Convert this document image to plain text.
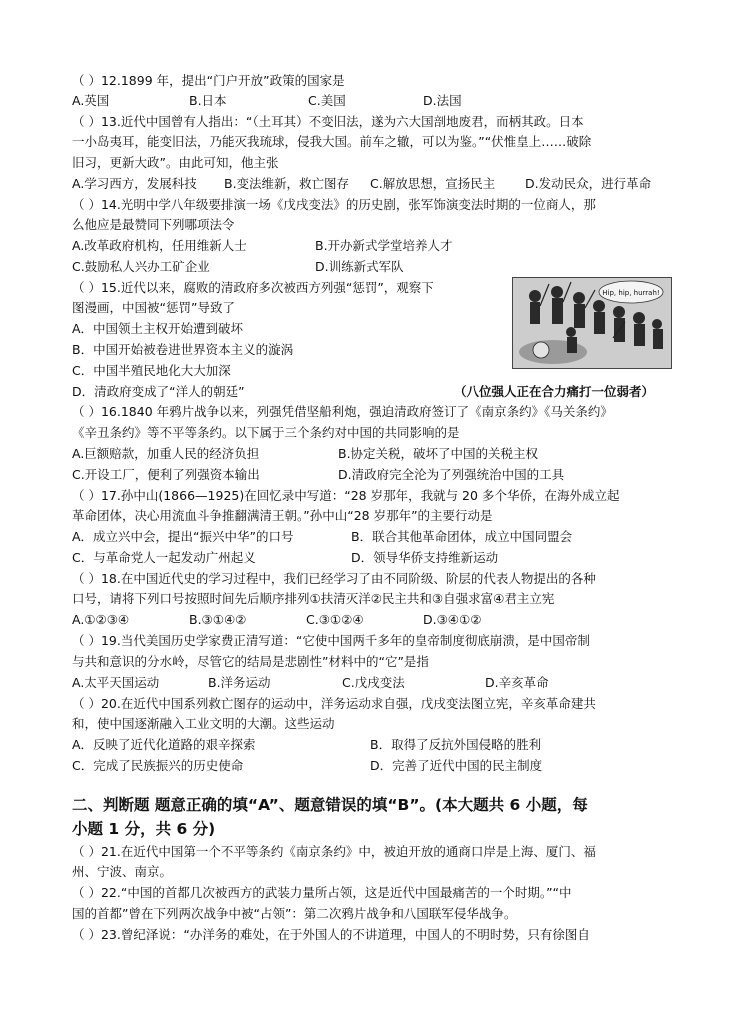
（ ）12.1899 年，提出“门户开放”政策的国家是
A.英国	B.日本	C.美国	D.法国
（ ）13.近代中国曾有人指出：“（土耳其）不变旧法，遂为六大国剖地废君，而柄其政。日本
一小岛夷耳，能变旧法，乃能灭我琉球，侵我大国。前车之辙，可以为鉴。”“伏惟皇上……破除
旧习，更新大政”。由此可知，他主张
A.学习西方，发展科技 B.变法维新，救亡图存 C.解放思想，宣扬民主 D.发动民众，进行革命
（ ）14.光明中学八年级要排演一场《戊戌变法》的历史剧，张军饰演变法时期的一位商人，那
么他应是最赞同下列哪项法令
A.改革政府机构，任用维新人士	B.开办新式学堂培养人才
C.鼓励私人兴办工矿企业	D.训练新式军队
（ ）15.近代以来，腐败的清政府多次被西方列强“惩罚”，观察下
图漫画，中国被“惩罚”导致了
A．中国领土主权开始遭到破坏
B．中国开始被卷进世界资本主义的漩涡
C．中国半殖民地化大大加深
D．清政府变成了“洋人的朝廷”	（八位强人正在合力痛打一位弱者）
Hip, hip, hurrah!
（ ）16.1840 年鸦片战争以来，列强凭借坚船利炮，强迫清政府签订了《南京条约》《马关条约》
《辛丑条约》等不平等条约。以下属于三个条约对中国的共同影响的是
A.巨额赔款，加重人民的经济负担	B.协定关税，破坏了中国的关税主权
C.开设工厂，便利了列强资本输出	D.清政府完全沦为了列强统治中国的工具
（ ）17.孙中山(1866—1925)在回忆录中写道：“28 岁那年，我就与 20 多个华侨，在海外成立起
革命团体，决心用流血斗争推翻满清王朝。”孙中山“28 岁那年”的主要行动是
A．成立兴中会，提出“振兴中华”的口号	B．联合其他革命团体，成立中国同盟会
C．与革命党人一起发动广州起义	D．领导华侨支持维新运动
（ ）18.在中国近代史的学习过程中，我们已经学习了由不同阶级、阶层的代表人物提出的各种
口号，请将下列口号按照时间先后顺序排列①扶清灭洋②民主共和③自强求富④君主立宪
A.①②③④	B.③①④②	C.③①②④	D.③④①②
（ ）19.当代美国历史学家费正清写道：“它使中国两千多年的皇帝制度彻底崩溃，是中国帝制
与共和意识的分水岭，尽管它的结局是悲剧性”材料中的“它”是指
A.太平天国运动	B.洋务运动	C.戊戌变法	D.辛亥革命
（ ）20.在近代中国系列救亡图存的运动中，洋务运动求自强，戊戌变法图立宪，辛亥革命建共
和，使中国逐渐融入工业文明的大潮。这些运动
A．反映了近代化道路的艰辛探索	B．取得了反抗外国侵略的胜利
C．完成了民族振兴的历史使命	D．完善了近代中国的民主制度
二、判断题 题意正确的填“A”、题意错误的填“B”。(本大题共 6 小题，每
小题 1 分，共 6 分)
（ ）21.在近代中国第一个不平等条约《南京条约》中，被迫开放的通商口岸是上海、厦门、福
州、宁波、南京。
（ ）22.“中国的首都几次被西方的武装力量所占领，这是近代中国最痛苦的一个时期。”“中
国的首都”曾在下列两次战争中被“占领”：第二次鸦片战争和八国联军侵华战争。
（ ）23.曾纪泽说：“办洋务的难处，在于外国人的不讲道理，中国人的不明时势，只有徐图自
